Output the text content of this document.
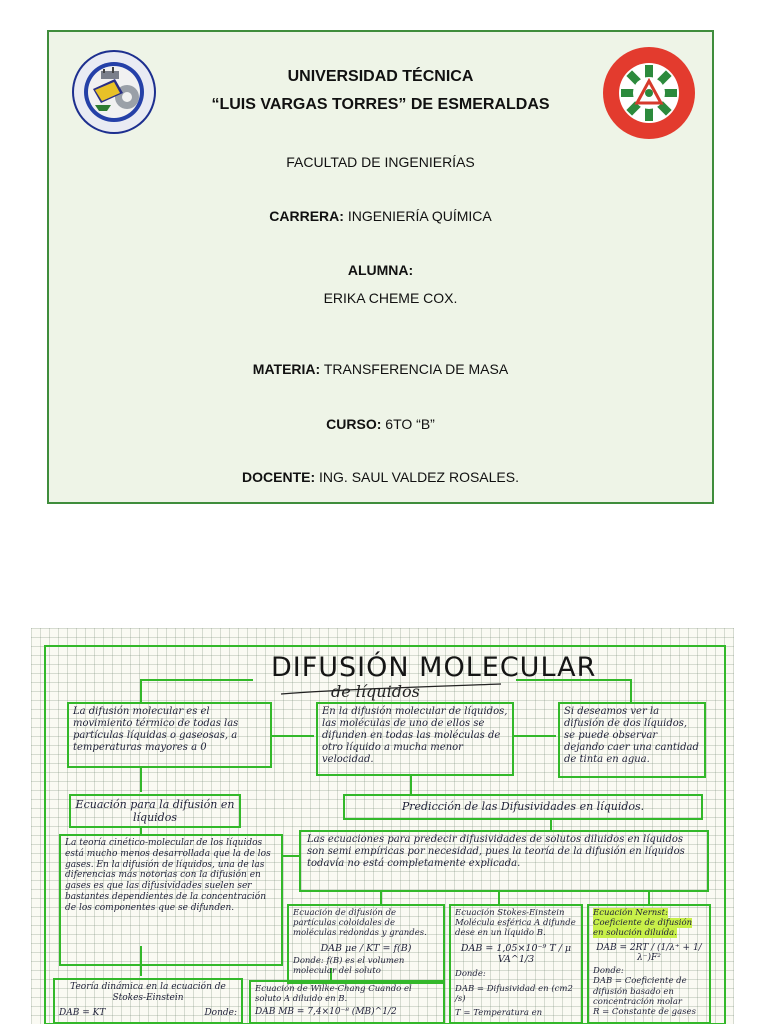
UNIVERSIDAD TÉCNICA
“LUIS VARGAS TORRES” DE ESMERALDAS
FACULTAD DE INGENIERÍAS
CARRERA: INGENIERÍA QUÍMICA
ALUMNA:
ERIKA CHEME COX.
MATERIA: TRANSFERENCIA DE MASA
CURSO: 6TO “B”
DOCENTE: ING. SAUL VALDEZ ROSALES.
DIFUSIÓN MOLECULAR
de líquidos
La difusión molecular es el movimiento térmico de todas las partículas líquidas o gaseosas, a temperaturas mayores a 0
En la difusión molecular de líquidos, las moléculas de uno de ellos se difunden en todas las moléculas de otro líquido a mucha menor velocidad.
Si deseamos ver la difusión de dos líquidos, se puede observar dejando caer una cantidad de tinta en agua.
Ecuación para la difusión en líquidos
Predicción de las Difusividades en líquidos.
La teoría cinético-molecular de los líquidos está mucho menos desarrollada que la de los gases. En la difusión de líquidos, una de las diferencias más notorias con la difusión en gases es que las difusividades suelen ser bastantes dependientes de la concentración de los componentes que se difunden.
Las ecuaciones para predecir difusividades de solutos diluidos en líquidos son semi empíricas por necesidad, pues la teoría de la difusión en líquidos todavía no está completamente explicada.
Ecuación de difusión de partículas coloidales de moléculas redondas y grandes.
DAB μe / KT = f(B)
Donde: f(B) es el volumen molecular del soluto
Ecuación Stokes-Einstein Molécula esférica A difunde dese en un líquido B.
DAB = 1,05×10⁻⁹ T / μ VA^1/3
Donde:
DAB = Difusividad en (cm2 /s)
T = Temperatura en
Ecuación Nernst: Coeficiente de difusión en solución diluída.
DAB = 2RT / (1/λ⁺ + 1/λ⁻)F²
Donde:
DAB = Coeficiente de difusión basado en concentración molar
R = Constante de gases
Teoría dinámica en la ecuación de Stokes-Einstein
DAB = KT	Donde:
Ecuación de Wilke-Chang Cuando el soluto A diluido en B.
DAB MB = 7,4×10⁻⁸ (MB)^1/2
